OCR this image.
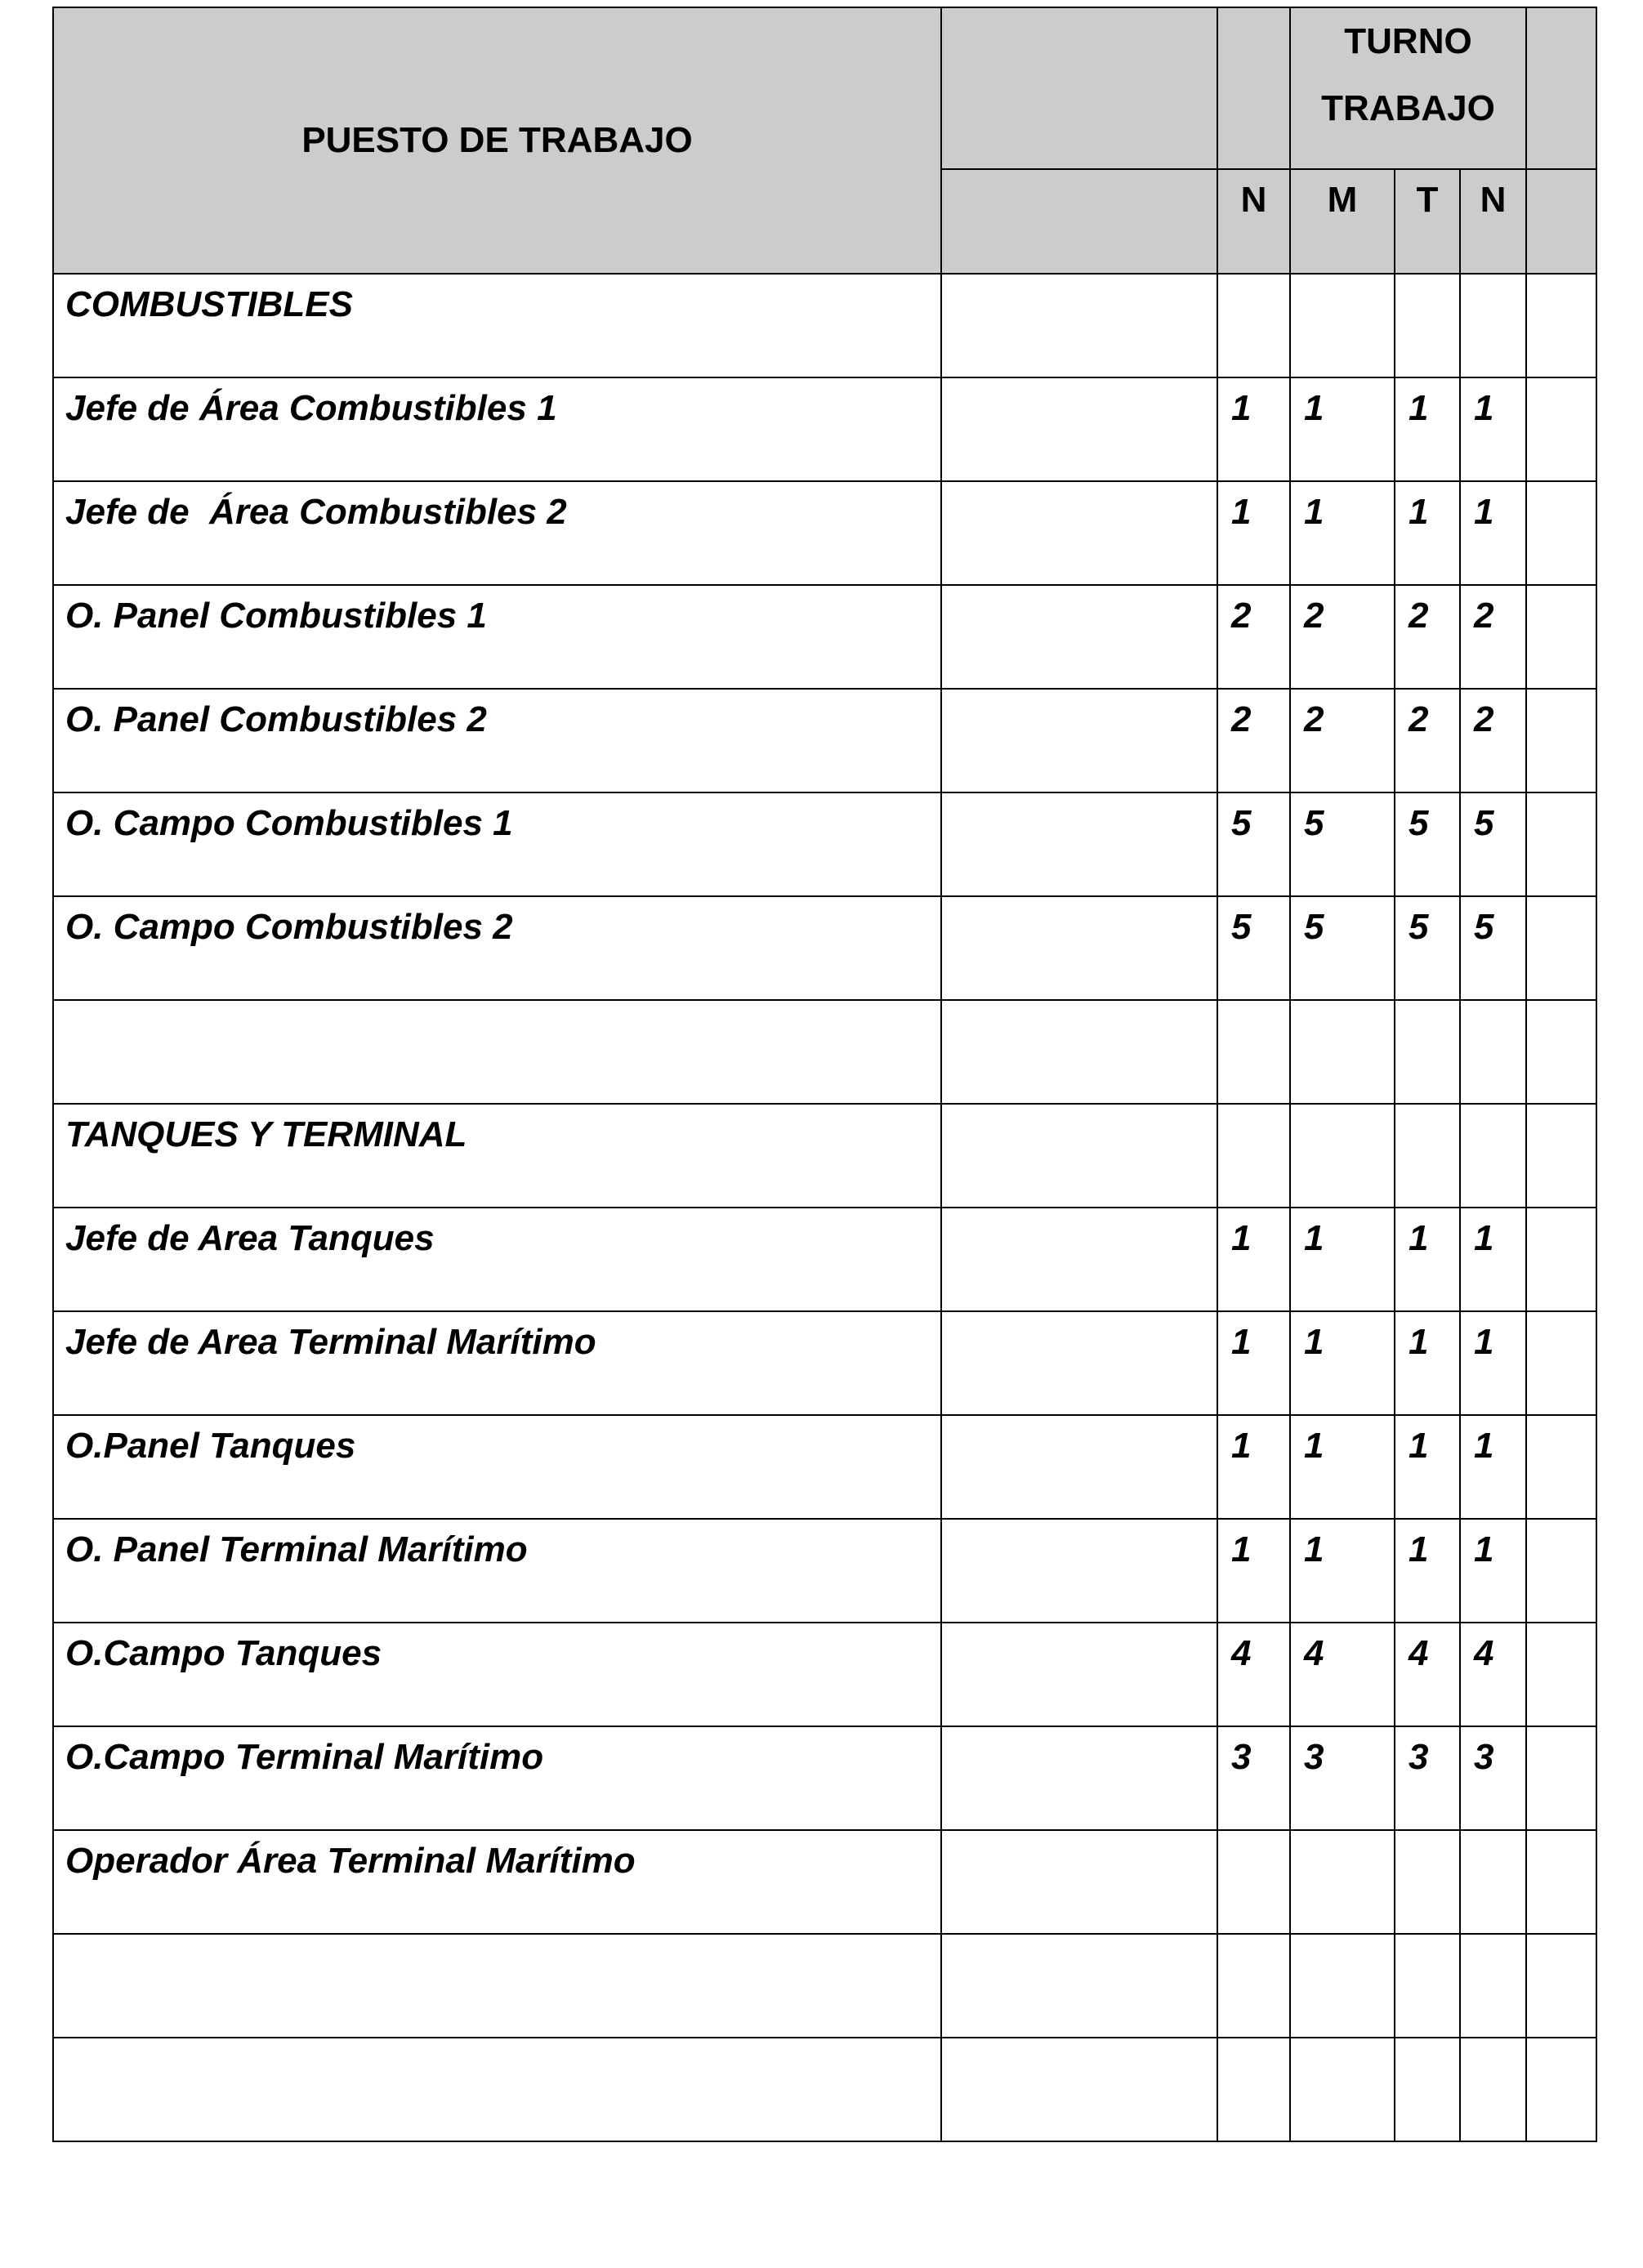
PUESTO DE TRABAJO			TURNO
TRABAJO			

		N	M	T	N	
COMBUSTIBLES						
Jefe de Área Combustibles 1		1	1	1	1	
Jefe de  Área Combustibles 2		1	1	1	1	
O. Panel Combustibles 1		2	2	2	2	
O. Panel Combustibles 2		2	2	2	2	
O. Campo Combustibles 1		5	5	5	5	
O. Campo Combustibles 2		5	5	5	5	

TANQUES Y TERMINAL						
Jefe de Area Tanques		1	1	1	1	
Jefe de Area Terminal Marítimo		1	1	1	1	
O.Panel Tanques		1	1	1	1	
O. Panel Terminal Marítimo		1	1	1	1	
O.Campo Tanques		4	4	4	4	
O.Campo Terminal Marítimo		3	3	3	3	
Operador Área Terminal Marítimo						
